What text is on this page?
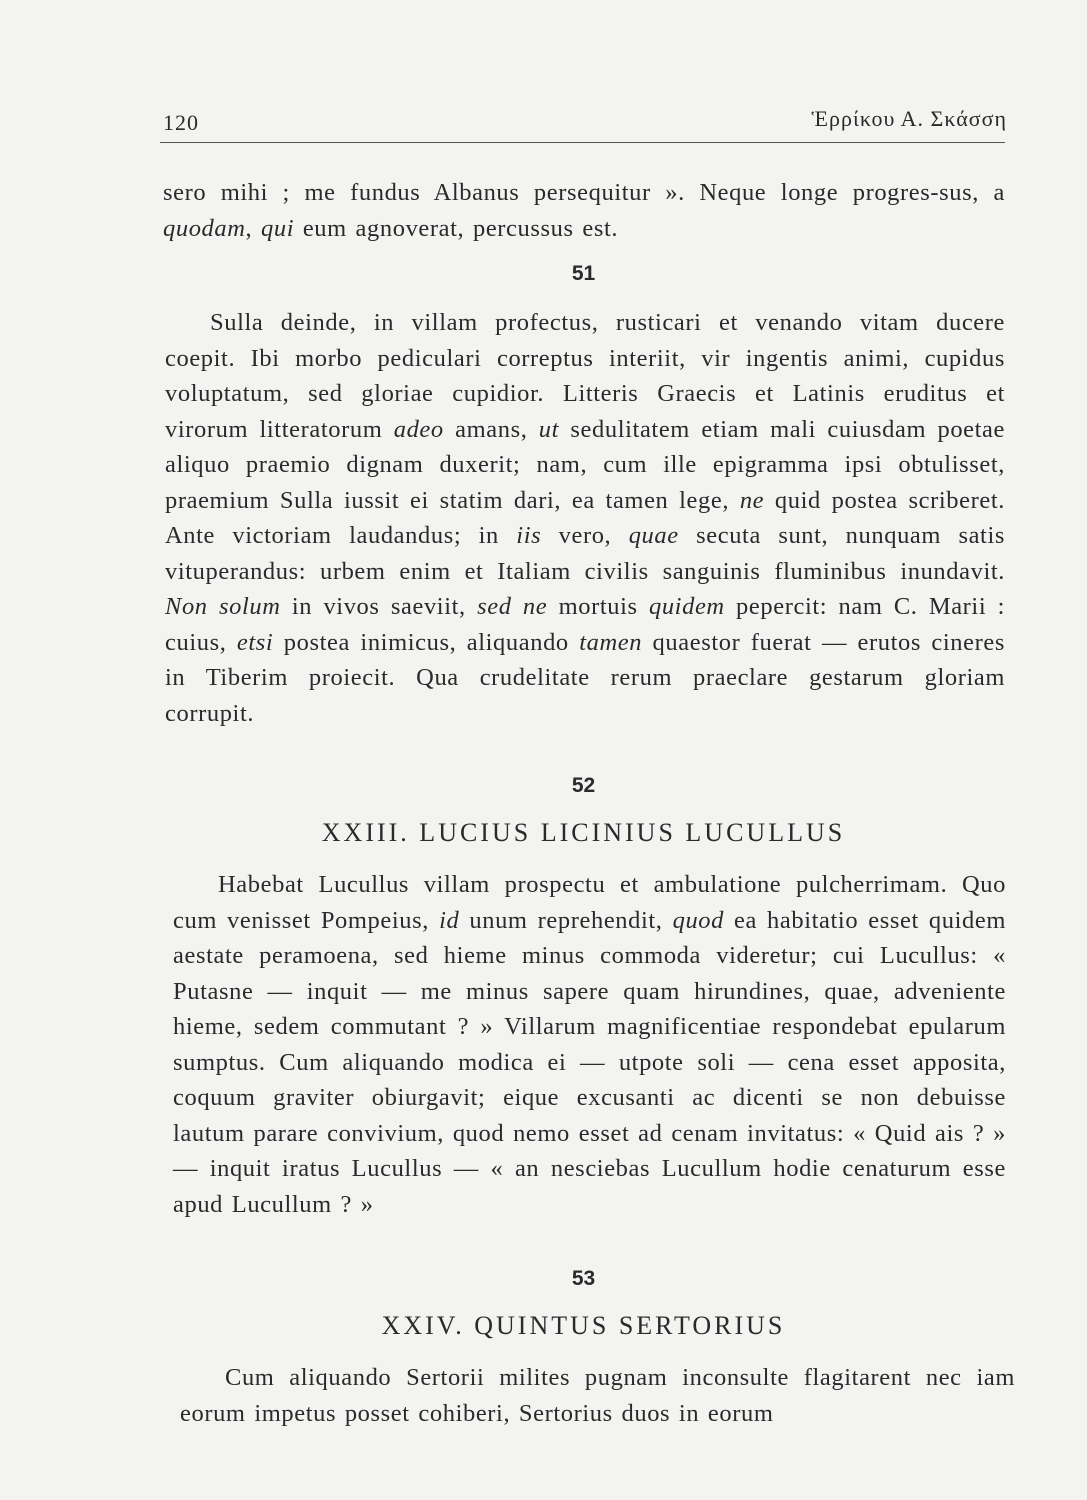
120	Ἑρρίκου Α. Σκάσση

sero mihi ; me fundus Albanus persequitur ». Neque longe progres-sus, a quodam, qui eum agnoverat, percussus est.

51

Sulla deinde, in villam profectus, rusticari et venando vitam ducere coepit. Ibi morbo pediculari correptus interiit, vir ingentis animi, cupidus voluptatum, sed gloriae cupidior. Litteris Graecis et Latinis eruditus et virorum litteratorum adeo amans, ut sedulitatem etiam mali cuiusdam poetae aliquo praemio dignam duxerit; nam, cum ille epigramma ipsi obtulisset, praemium Sulla iussit ei statim dari, ea tamen lege, ne quid postea scriberet. Ante victoriam laudandus; in iis vero, quae secuta sunt, nunquam satis vituperandus: urbem enim et Italiam civilis sanguinis fluminibus inundavit. Non solum in vivos saeviit, sed ne mortuis quidem pepercit: nam C. Marii : cuius, etsi postea inimicus, aliquando tamen quaestor fuerat — erutos cineres in Tiberim proiecit. Qua crudelitate rerum praeclare gestarum gloriam corrupit.

52
XXIII. LUCIUS LICINIUS LUCULLUS

Habebat Lucullus villam prospectu et ambulatione pulcherrimam. Quo cum venisset Pompeius, id unum reprehendit, quod ea habitatio esset quidem aestate peramoena, sed hieme minus commoda videretur; cui Lucullus: « Putasne — inquit — me minus sapere quam hirundines, quae, adveniente hieme, sedem commutant ? » Villarum magnificentiae respondebat epularum sumptus. Cum aliquando modica ei — utpote soli — cena esset apposita, coquum graviter obiurgavit; eique excusanti ac dicenti se non debuisse lautum parare convivium, quod nemo esset ad cenam invitatus: « Quid ais ? » — inquit iratus Lucullus — « an nesciebas Lucullum hodie cenaturum esse apud Lucullum ? »

53
XXIV. QUINTUS SERTORIUS

Cum aliquando Sertorii milites pugnam inconsulte flagitarent nec iam eorum impetus posset cohiberi, Sertorius duos in eorum
